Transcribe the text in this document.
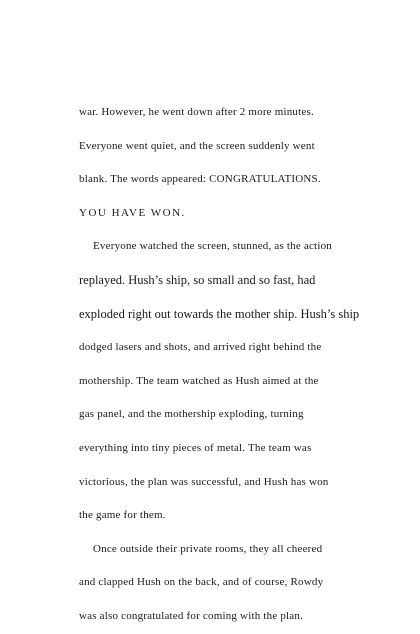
war. However, he went down after 2 more minutes.
Everyone went quiet, and the screen suddenly went
blank. The words appeared: CONGRATULATIONS.
YOU HAVE WON.
Everyone watched the screen, stunned, as the action
replayed. Hush’s ship, so small and so fast, had
exploded right out towards the mother ship. Hush’s ship
dodged lasers and shots, and arrived right behind the
mothership. The team watched as Hush aimed at the
gas panel, and the mothership exploding, turning
everything into tiny pieces of metal. The team was
victorious, the plan was successful, and Hush has won
the game for them.
Once outside their private rooms, they all cheered
and clapped Hush on the back, and of course, Rowdy
was also congratulated for coming with the plan.
